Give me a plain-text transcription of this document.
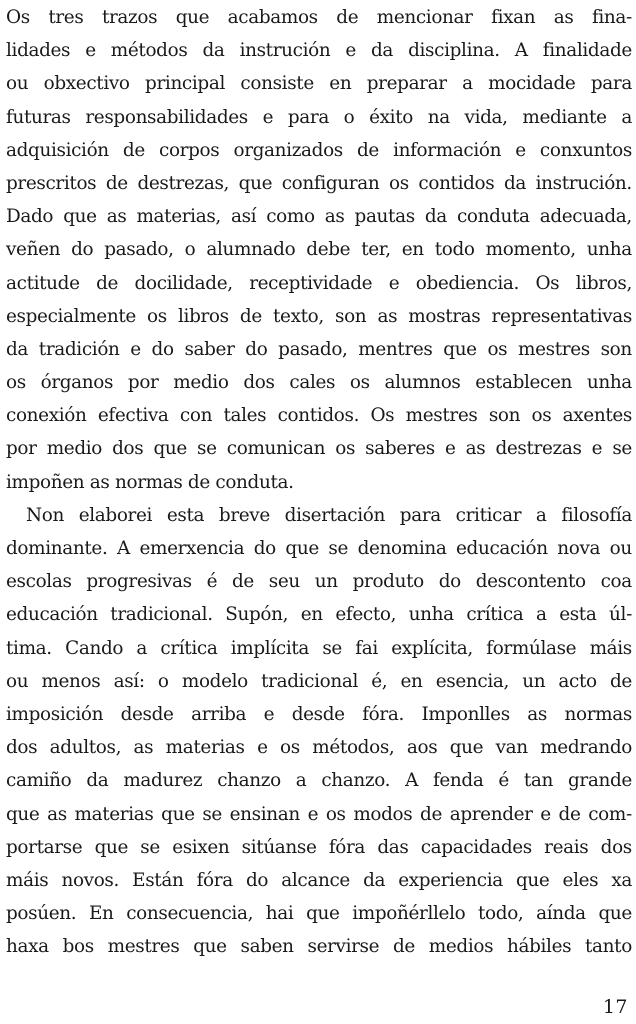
Os tres trazos que acabamos de mencionar fixan as fina-
lidades e métodos da instrución e da disciplina. A finalidade
ou obxectivo principal consiste en preparar a mocidade para
futuras responsabilidades e para o éxito na vida, mediante a
adquisición de corpos organizados de información e conxuntos
prescritos de destrezas, que configuran os contidos da instrución.
Dado que as materias, así como as pautas da conduta adecuada,
veñen do pasado, o alumnado debe ter, en todo momento, unha
actitude de docilidade, receptividade e obediencia. Os libros,
especialmente os libros de texto, son as mostras representativas
da tradición e do saber do pasado, mentres que os mestres son
os órganos por medio dos cales os alumnos establecen unha
conexión efectiva con tales contidos. Os mestres son os axentes
por medio dos que se comunican os saberes e as destrezas e se
impoñen as normas de conduta.
Non elaborei esta breve disertación para criticar a filosofía
dominante. A emerxencia do que se denomina educación nova ou
escolas progresivas é de seu un produto do descontento coa
educación tradicional. Supón, en efecto, unha crítica a esta úl-
tima. Cando a crítica implícita se fai explícita, formúlase máis
ou menos así: o modelo tradicional é, en esencia, un acto de
imposición desde arriba e desde fóra. Imponlles as normas
dos adultos, as materias e os métodos, aos que van medrando
camiño da madurez chanzo a chanzo. A fenda é tan grande
que as materias que se ensinan e os modos de aprender e de com-
portarse que se esixen sitúanse fóra das capacidades reais dos
máis novos. Están fóra do alcance da experiencia que eles xa
posúen. En consecuencia, hai que impoñérllelo todo, aínda que
haxa bos mestres que saben servirse de medios hábiles tanto
17
